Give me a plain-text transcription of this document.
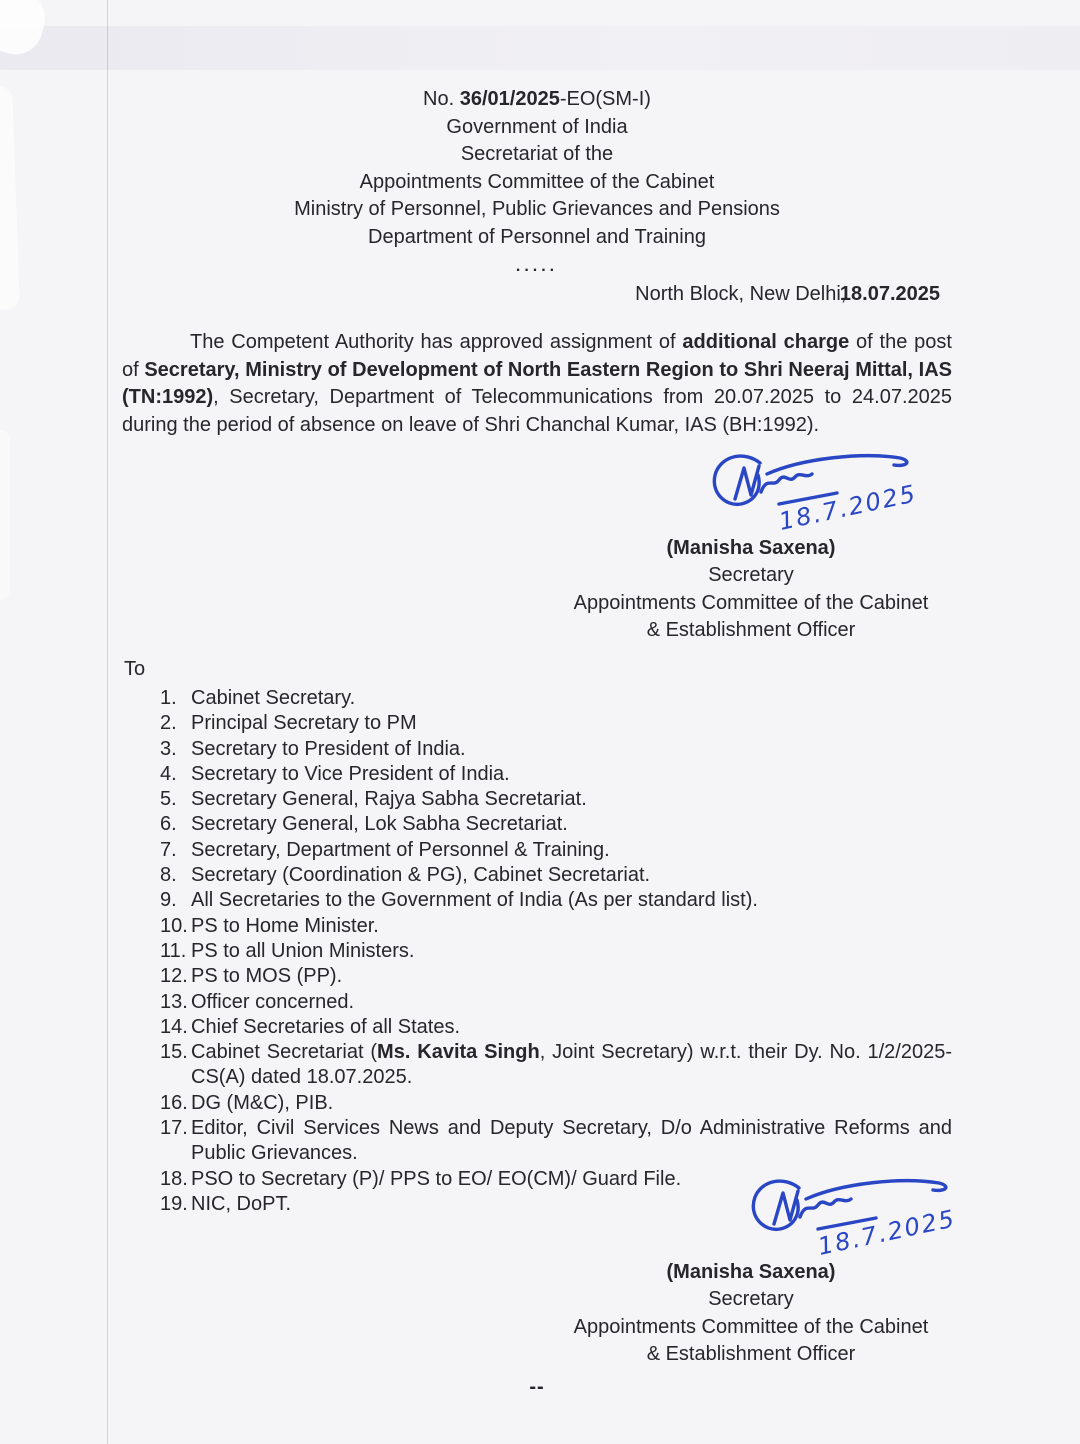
No. 36/01/2025-EO(SM-I)
Government of India
Secretariat of the
Appointments Committee of the Cabinet
Ministry of Personnel, Public Grievances and Pensions
Department of Personnel and Training
.....
North Block, New Delhi, 18.07.2025

The Competent Authority has approved assignment of additional charge of the post of Secretary, Ministry of Development of North Eastern Region to Shri Neeraj Mittal, IAS (TN:1992), Secretary, Department of Telecommunications from 20.07.2025 to 24.07.2025 during the period of absence on leave of Shri Chanchal Kumar, IAS (BH:1992).

18.7.2025
(Manisha Saxena)
Secretary
Appointments Committee of the Cabinet
& Establishment Officer
To
1. Cabinet Secretary.
2. Principal Secretary to PM
3. Secretary to President of India.
4. Secretary to Vice President of India.
5. Secretary General, Rajya Sabha Secretariat.
6. Secretary General, Lok Sabha Secretariat.
7. Secretary, Department of Personnel & Training.
8. Secretary (Coordination & PG), Cabinet Secretariat.
9. All Secretaries to the Government of India (As per standard list).
10. PS to Home Minister.
11. PS to all Union Ministers.
12. PS to MOS (PP).
13. Officer concerned.
14. Chief Secretaries of all States.
15. Cabinet Secretariat (Ms. Kavita Singh, Joint Secretary) w.r.t. their Dy. No. 1/2/2025-CS(A) dated 18.07.2025.
16. DG (M&C), PIB.
17. Editor, Civil Services News and Deputy Secretary, D/o Administrative Reforms and Public Grievances.
18. PSO to Secretary (P)/ PPS to EO/ EO(CM)/ Guard File.
19. NIC, DoPT.
18.7.2025
(Manisha Saxena)
Secretary
Appointments Committee of the Cabinet
& Establishment Officer
--
